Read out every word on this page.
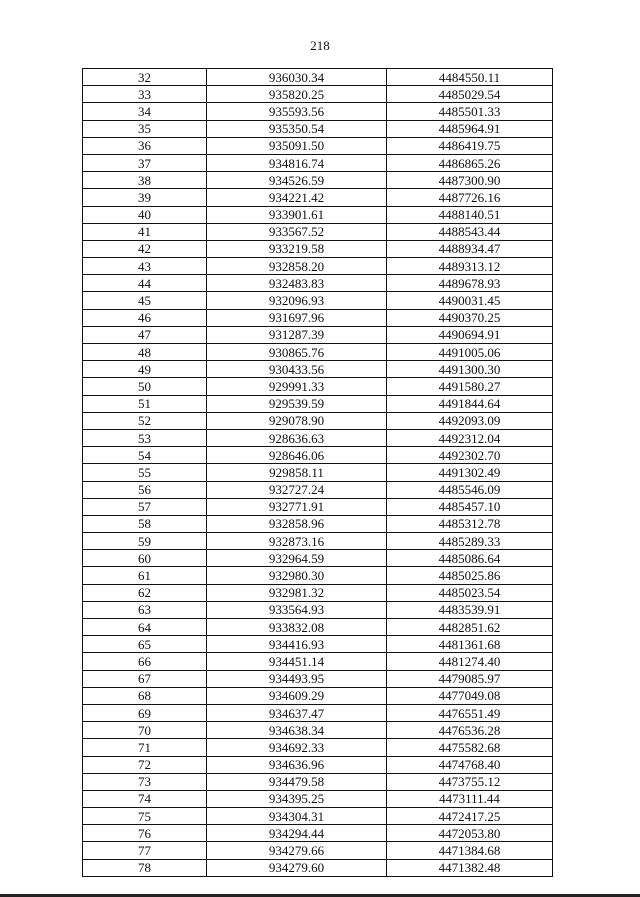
218
32	936030.34	4484550.11
33	935820.25	4485029.54
34	935593.56	4485501.33
35	935350.54	4485964.91
36	935091.50	4486419.75
37	934816.74	4486865.26
38	934526.59	4487300.90
39	934221.42	4487726.16
40	933901.61	4488140.51
41	933567.52	4488543.44
42	933219.58	4488934.47
43	932858.20	4489313.12
44	932483.83	4489678.93
45	932096.93	4490031.45
46	931697.96	4490370.25
47	931287.39	4490694.91
48	930865.76	4491005.06
49	930433.56	4491300.30
50	929991.33	4491580.27
51	929539.59	4491844.64
52	929078.90	4492093.09
53	928636.63	4492312.04
54	928646.06	4492302.70
55	929858.11	4491302.49
56	932727.24	4485546.09
57	932771.91	4485457.10
58	932858.96	4485312.78
59	932873.16	4485289.33
60	932964.59	4485086.64
61	932980.30	4485025.86
62	932981.32	4485023.54
63	933564.93	4483539.91
64	933832.08	4482851.62
65	934416.93	4481361.68
66	934451.14	4481274.40
67	934493.95	4479085.97
68	934609.29	4477049.08
69	934637.47	4476551.49
70	934638.34	4476536.28
71	934692.33	4475582.68
72	934636.96	4474768.40
73	934479.58	4473755.12
74	934395.25	4473111.44
75	934304.31	4472417.25
76	934294.44	4472053.80
77	934279.66	4471384.68
78	934279.60	4471382.48
